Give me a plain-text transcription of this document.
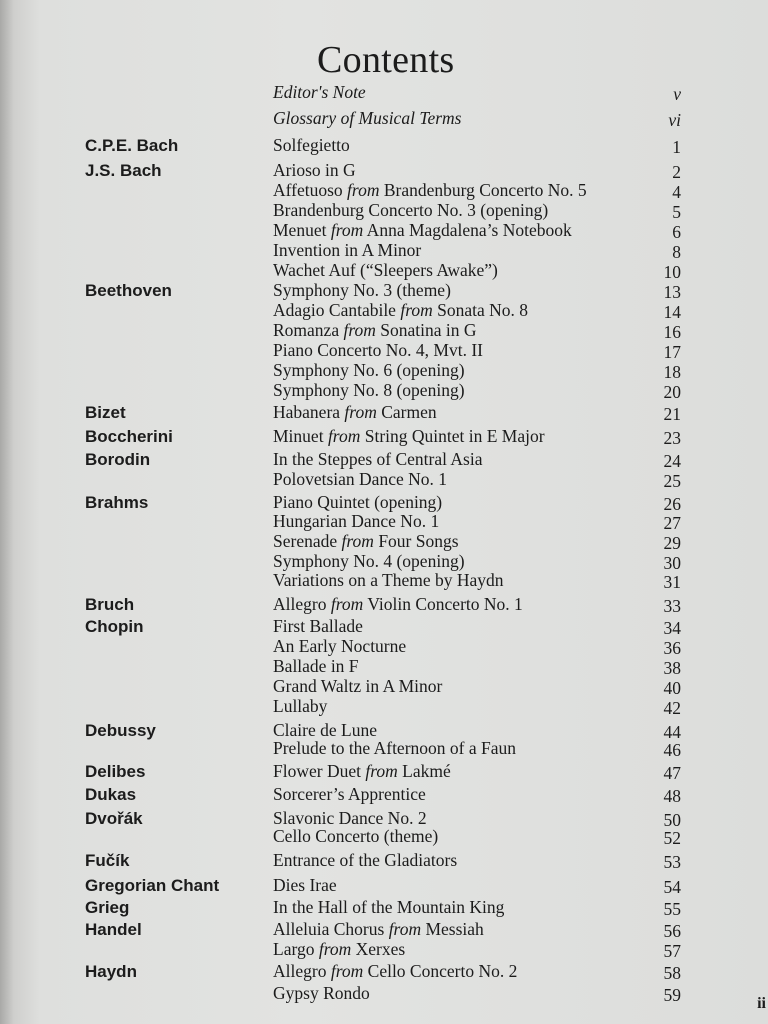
Contents
Editor's Note	v
Glossary of Musical Terms	vi
C.P.E. Bach	Solfegietto	1
J.S. Bach	Arioso in G	2
Affetuoso from Brandenburg Concerto No. 5	4
Brandenburg Concerto No. 3 (opening)	5
Menuet from Anna Magdalena’s Notebook	6
Invention in A Minor	8
Wachet Auf (“Sleepers Awake”)	10
Beethoven	Symphony No. 3 (theme)	13
Adagio Cantabile from Sonata No. 8	14
Romanza from Sonatina in G	16
Piano Concerto No. 4, Mvt. II	17
Symphony No. 6 (opening)	18
Symphony No. 8 (opening)	20
Bizet	Habanera from Carmen	21
Boccherini	Minuet from String Quintet in E Major	23
Borodin	In the Steppes of Central Asia	24
Polovetsian Dance No. 1	25
Brahms	Piano Quintet (opening)	26
Hungarian Dance No. 1	27
Serenade from Four Songs	29
Symphony No. 4 (opening)	30
Variations on a Theme by Haydn	31
Bruch	Allegro from Violin Concerto No. 1	33
Chopin	First Ballade	34
An Early Nocturne	36
Ballade in F	38
Grand Waltz in A Minor	40
Lullaby	42
Debussy	Claire de Lune	44
Prelude to the Afternoon of a Faun	46
Delibes	Flower Duet from Lakmé	47
Dukas	Sorcerer’s Apprentice	48
Dvořák	Slavonic Dance No. 2	50
Cello Concerto (theme)	52
Fučík	Entrance of the Gladiators	53
Gregorian Chant	Dies Irae	54
Grieg	In the Hall of the Mountain King	55
Handel	Alleluia Chorus from Messiah	56
Largo from Xerxes	57
Haydn	Allegro from Cello Concerto No. 2	58
Gypsy Rondo	59	ii
